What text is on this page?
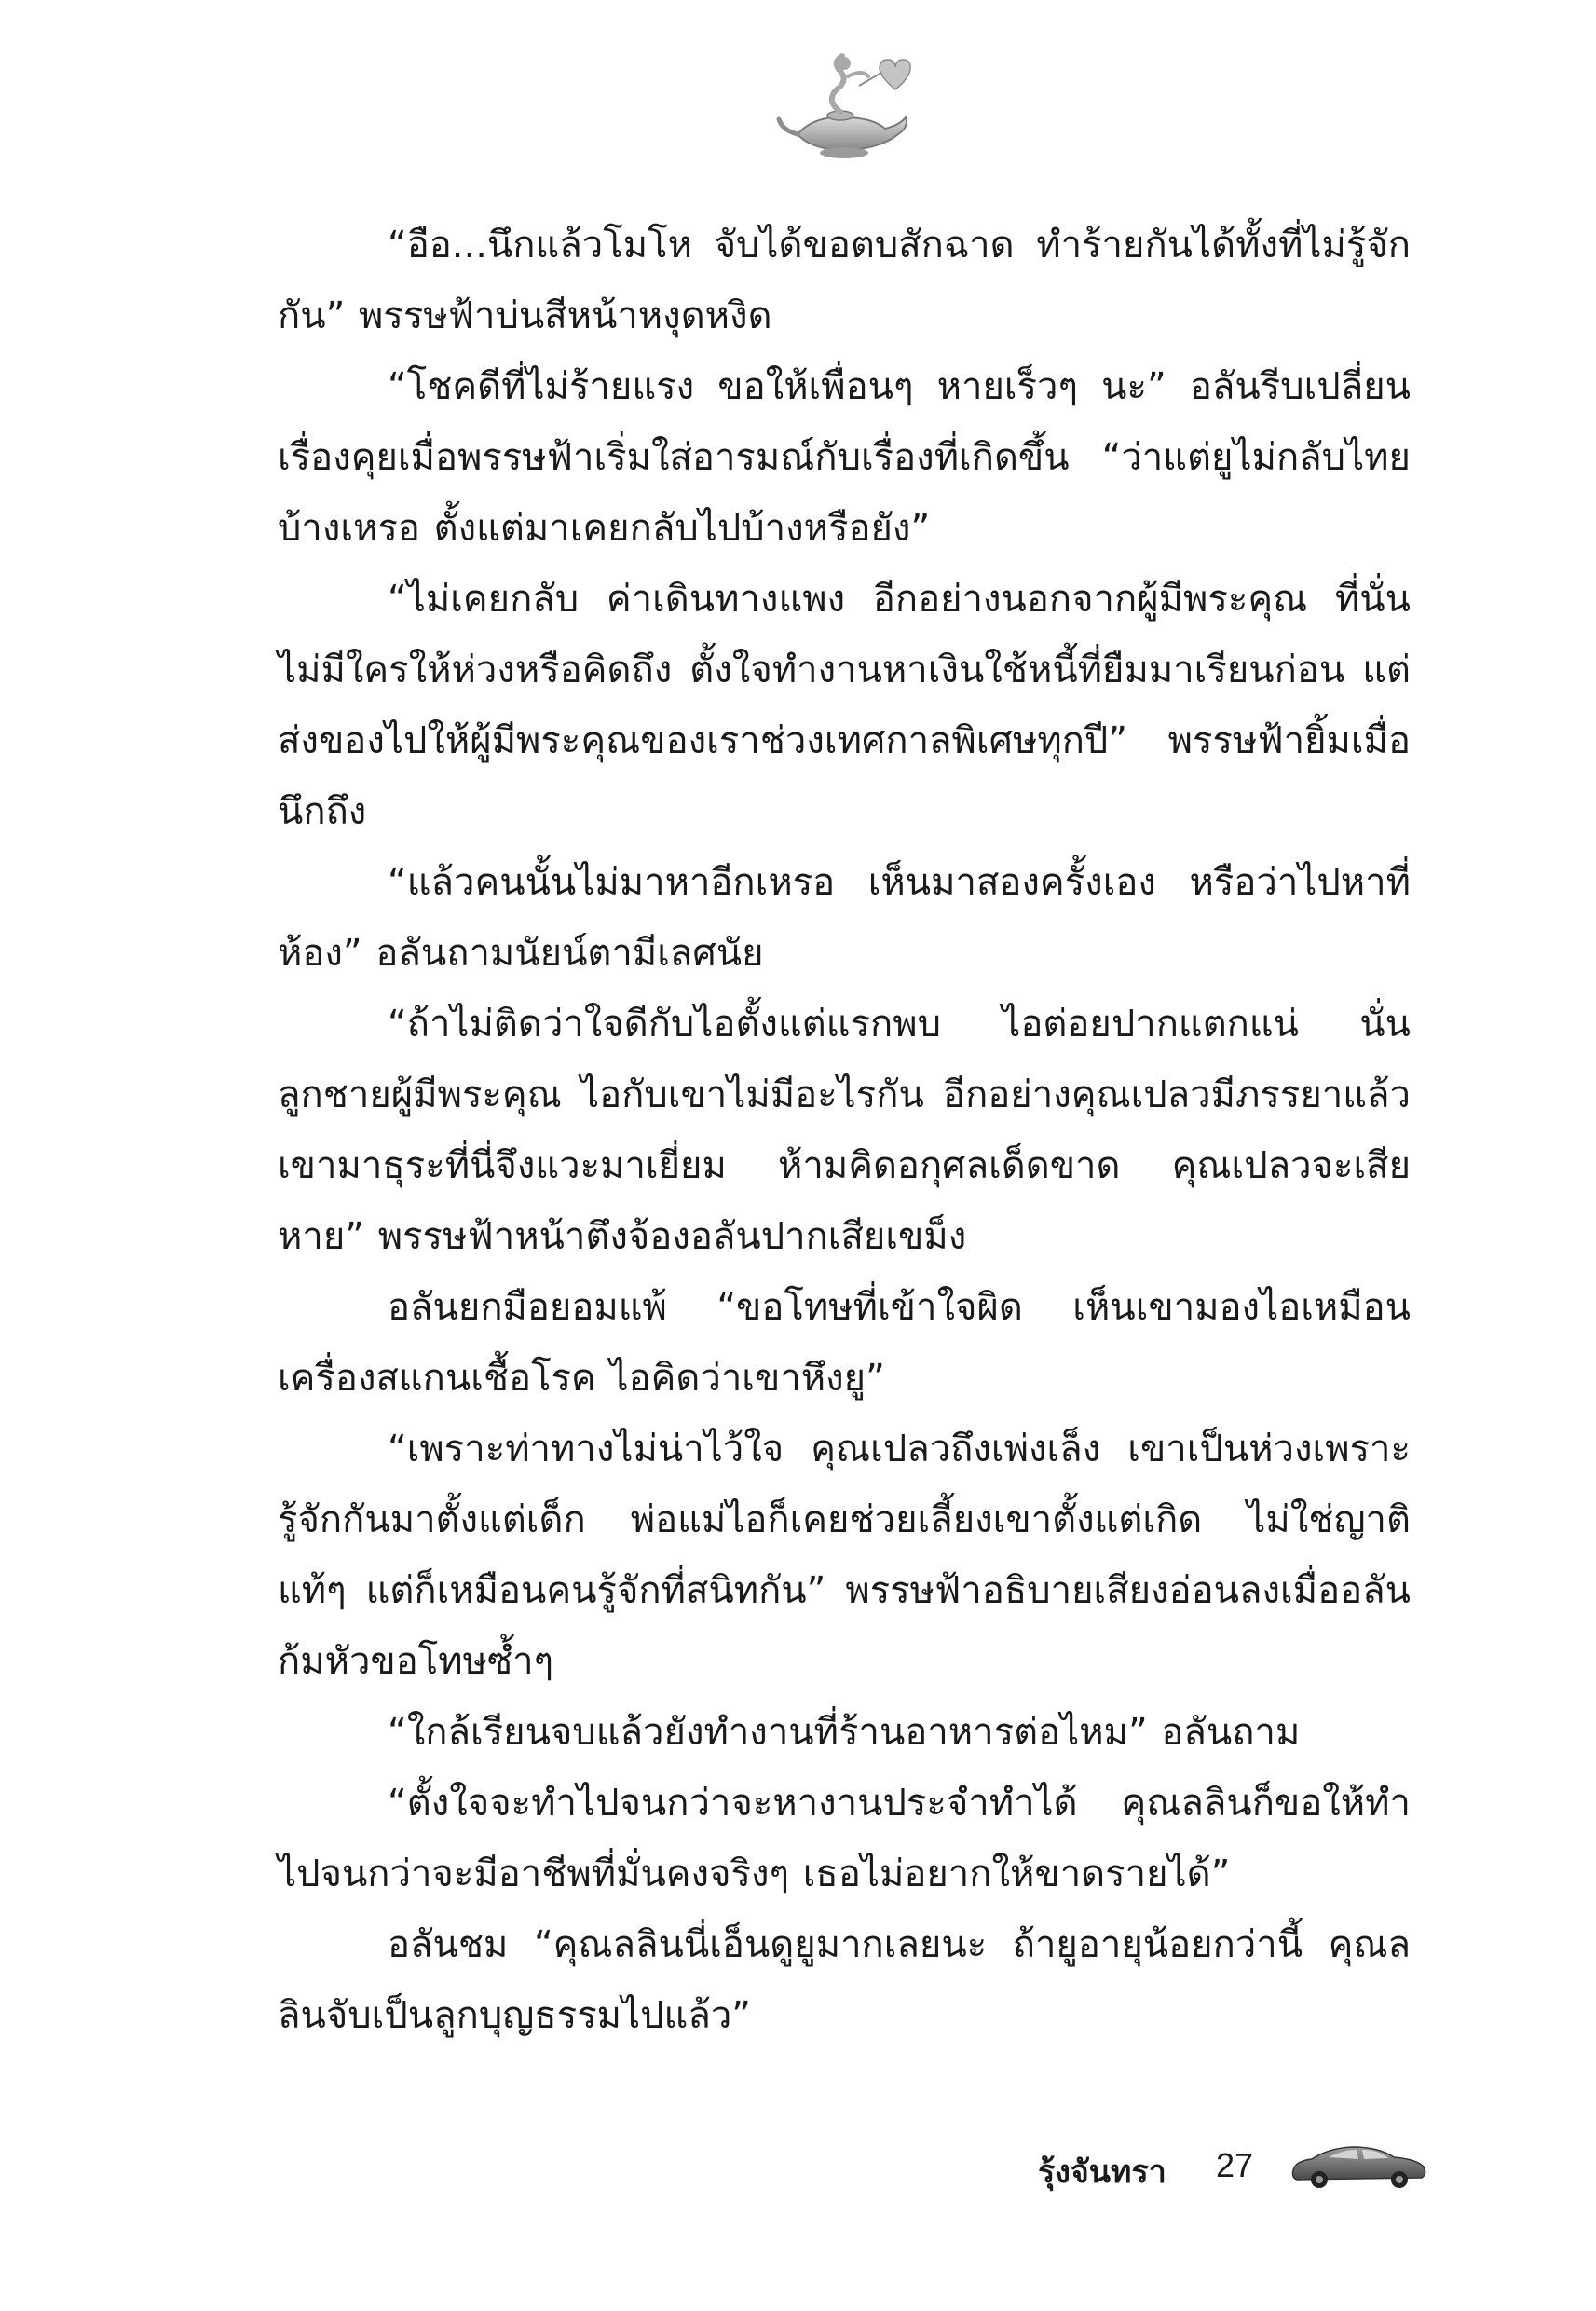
“อือ...นึกแล้วโมโห จับได้ขอตบสักฉาด ทำร้ายกันได้ทั้งที่ไม่รู้จักกัน” พรรษฟ้าบ่นสีหน้าหงุดหงิด

“โชคดีที่ไม่ร้ายแรง ขอให้เพื่อนๆ หายเร็วๆ นะ” อลันรีบเปลี่ยนเรื่องคุยเมื่อพรรษฟ้าเริ่มใส่อารมณ์กับเรื่องที่เกิดขึ้น “ว่าแต่ยูไม่กลับไทยบ้างเหรอ ตั้งแต่มาเคยกลับไปบ้างหรือยัง”

“ไม่เคยกลับ ค่าเดินทางแพง อีกอย่างนอกจากผู้มีพระคุณ ที่นั่นไม่มีใครให้ห่วงหรือคิดถึง ตั้งใจทำงานหาเงินใช้หนี้ที่ยืมมาเรียนก่อน แต่ส่งของไปให้ผู้มีพระคุณของเราช่วงเทศกาลพิเศษทุกปี” พรรษฟ้ายิ้มเมื่อนึกถึง

“แล้วคนนั้นไม่มาหาอีกเหรอ เห็นมาสองครั้งเอง หรือว่าไปหาที่ห้อง” อลันถามนัยน์ตามีเลศนัย

“ถ้าไม่ติดว่าใจดีกับไอตั้งแต่แรกพบ ไอต่อยปากแตกแน่ นั่นลูกชายผู้มีพระคุณ ไอกับเขาไม่มีอะไรกัน อีกอย่างคุณเปลวมีภรรยาแล้ว เขามาธุระที่นี่จึงแวะมาเยี่ยม ห้ามคิดอกุศลเด็ดขาด คุณเปลวจะเสียหาย” พรรษฟ้าหน้าตึงจ้องอลันปากเสียเขม็ง

อลันยกมือยอมแพ้ “ขอโทษที่เข้าใจผิด เห็นเขามองไอเหมือนเครื่องสแกนเชื้อโรค ไอคิดว่าเขาหึงยู”

“เพราะท่าทางไม่น่าไว้ใจ คุณเปลวถึงเพ่งเล็ง เขาเป็นห่วงเพราะรู้จักกันมาตั้งแต่เด็ก พ่อแม่ไอก็เคยช่วยเลี้ยงเขาตั้งแต่เกิด ไม่ใช่ญาติแท้ๆ แต่ก็เหมือนคนรู้จักที่สนิทกัน” พรรษฟ้าอธิบายเสียงอ่อนลงเมื่ออลันก้มหัวขอโทษซ้ำๆ

“ใกล้เรียนจบแล้วยังทำงานที่ร้านอาหารต่อไหม” อลันถาม

“ตั้งใจจะทำไปจนกว่าจะหางานประจำทำได้ คุณลลินก็ขอให้ทำไปจนกว่าจะมีอาชีพที่มั่นคงจริงๆ เธอไม่อยากให้ขาดรายได้”

อลันชม “คุณลลินนี่เอ็นดูยูมากเลยนะ ถ้ายูอายุน้อยกว่านี้ คุณลลินจับเป็นลูกบุญธรรมไปแล้ว”

รุ้งจันทรา 27
